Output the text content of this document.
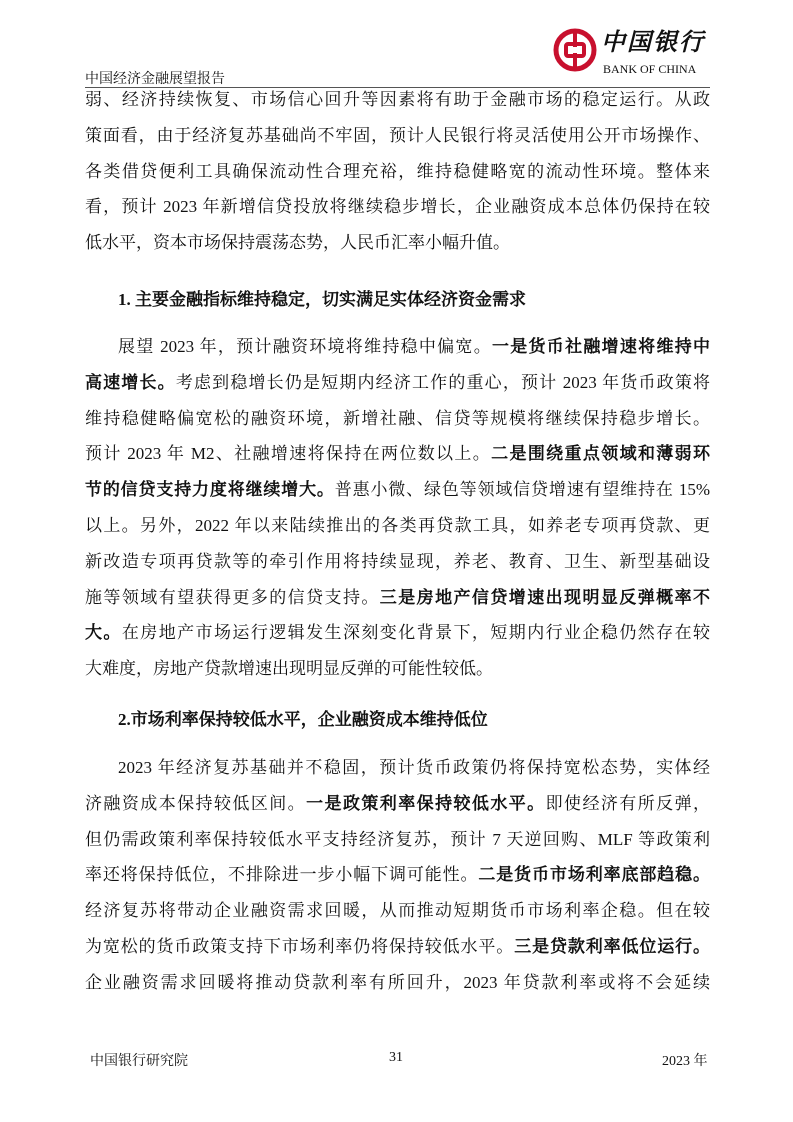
中国经济金融展望报告
中国银行
BANK OF CHINA
弱、经济持续恢复、市场信心回升等因素将有助于金融市场的稳定运行。从政
策面看，由于经济复苏基础尚不牢固，预计人民银行将灵活使用公开市场操作、
各类借贷便利工具确保流动性合理充裕，维持稳健略宽的流动性环境。整体来
看，预计 2023 年新增信贷投放将继续稳步增长，企业融资成本总体仍保持在较
低水平，资本市场保持震荡态势，人民币汇率小幅升值。
1. 主要金融指标维持稳定，切实满足实体经济资金需求
展望 2023 年，预计融资环境将维持稳中偏宽。一是货币社融增速将维持中
高速增长。考虑到稳增长仍是短期内经济工作的重心，预计 2023 年货币政策将
维持稳健略偏宽松的融资环境，新增社融、信贷等规模将继续保持稳步增长。
预计 2023 年 M2、社融增速将保持在两位数以上。二是围绕重点领域和薄弱环
节的信贷支持力度将继续增大。普惠小微、绿色等领域信贷增速有望维持在 15%
以上。另外，2022 年以来陆续推出的各类再贷款工具，如养老专项再贷款、更
新改造专项再贷款等的牵引作用将持续显现，养老、教育、卫生、新型基础设
施等领域有望获得更多的信贷支持。三是房地产信贷增速出现明显反弹概率不
大。在房地产市场运行逻辑发生深刻变化背景下，短期内行业企稳仍然存在较
大难度，房地产贷款增速出现明显反弹的可能性较低。
2.市场利率保持较低水平，企业融资成本维持低位
2023 年经济复苏基础并不稳固，预计货币政策仍将保持宽松态势，实体经
济融资成本保持较低区间。一是政策利率保持较低水平。即使经济有所反弹，
但仍需政策利率保持较低水平支持经济复苏，预计 7 天逆回购、MLF 等政策利
率还将保持低位，不排除进一步小幅下调可能性。二是货币市场利率底部趋稳。
经济复苏将带动企业融资需求回暖，从而推动短期货币市场利率企稳。但在较
为宽松的货币政策支持下市场利率仍将保持较低水平。三是贷款利率低位运行。
企业融资需求回暖将推动贷款利率有所回升，2023 年贷款利率或将不会延续
中国银行研究院	31	2023 年
